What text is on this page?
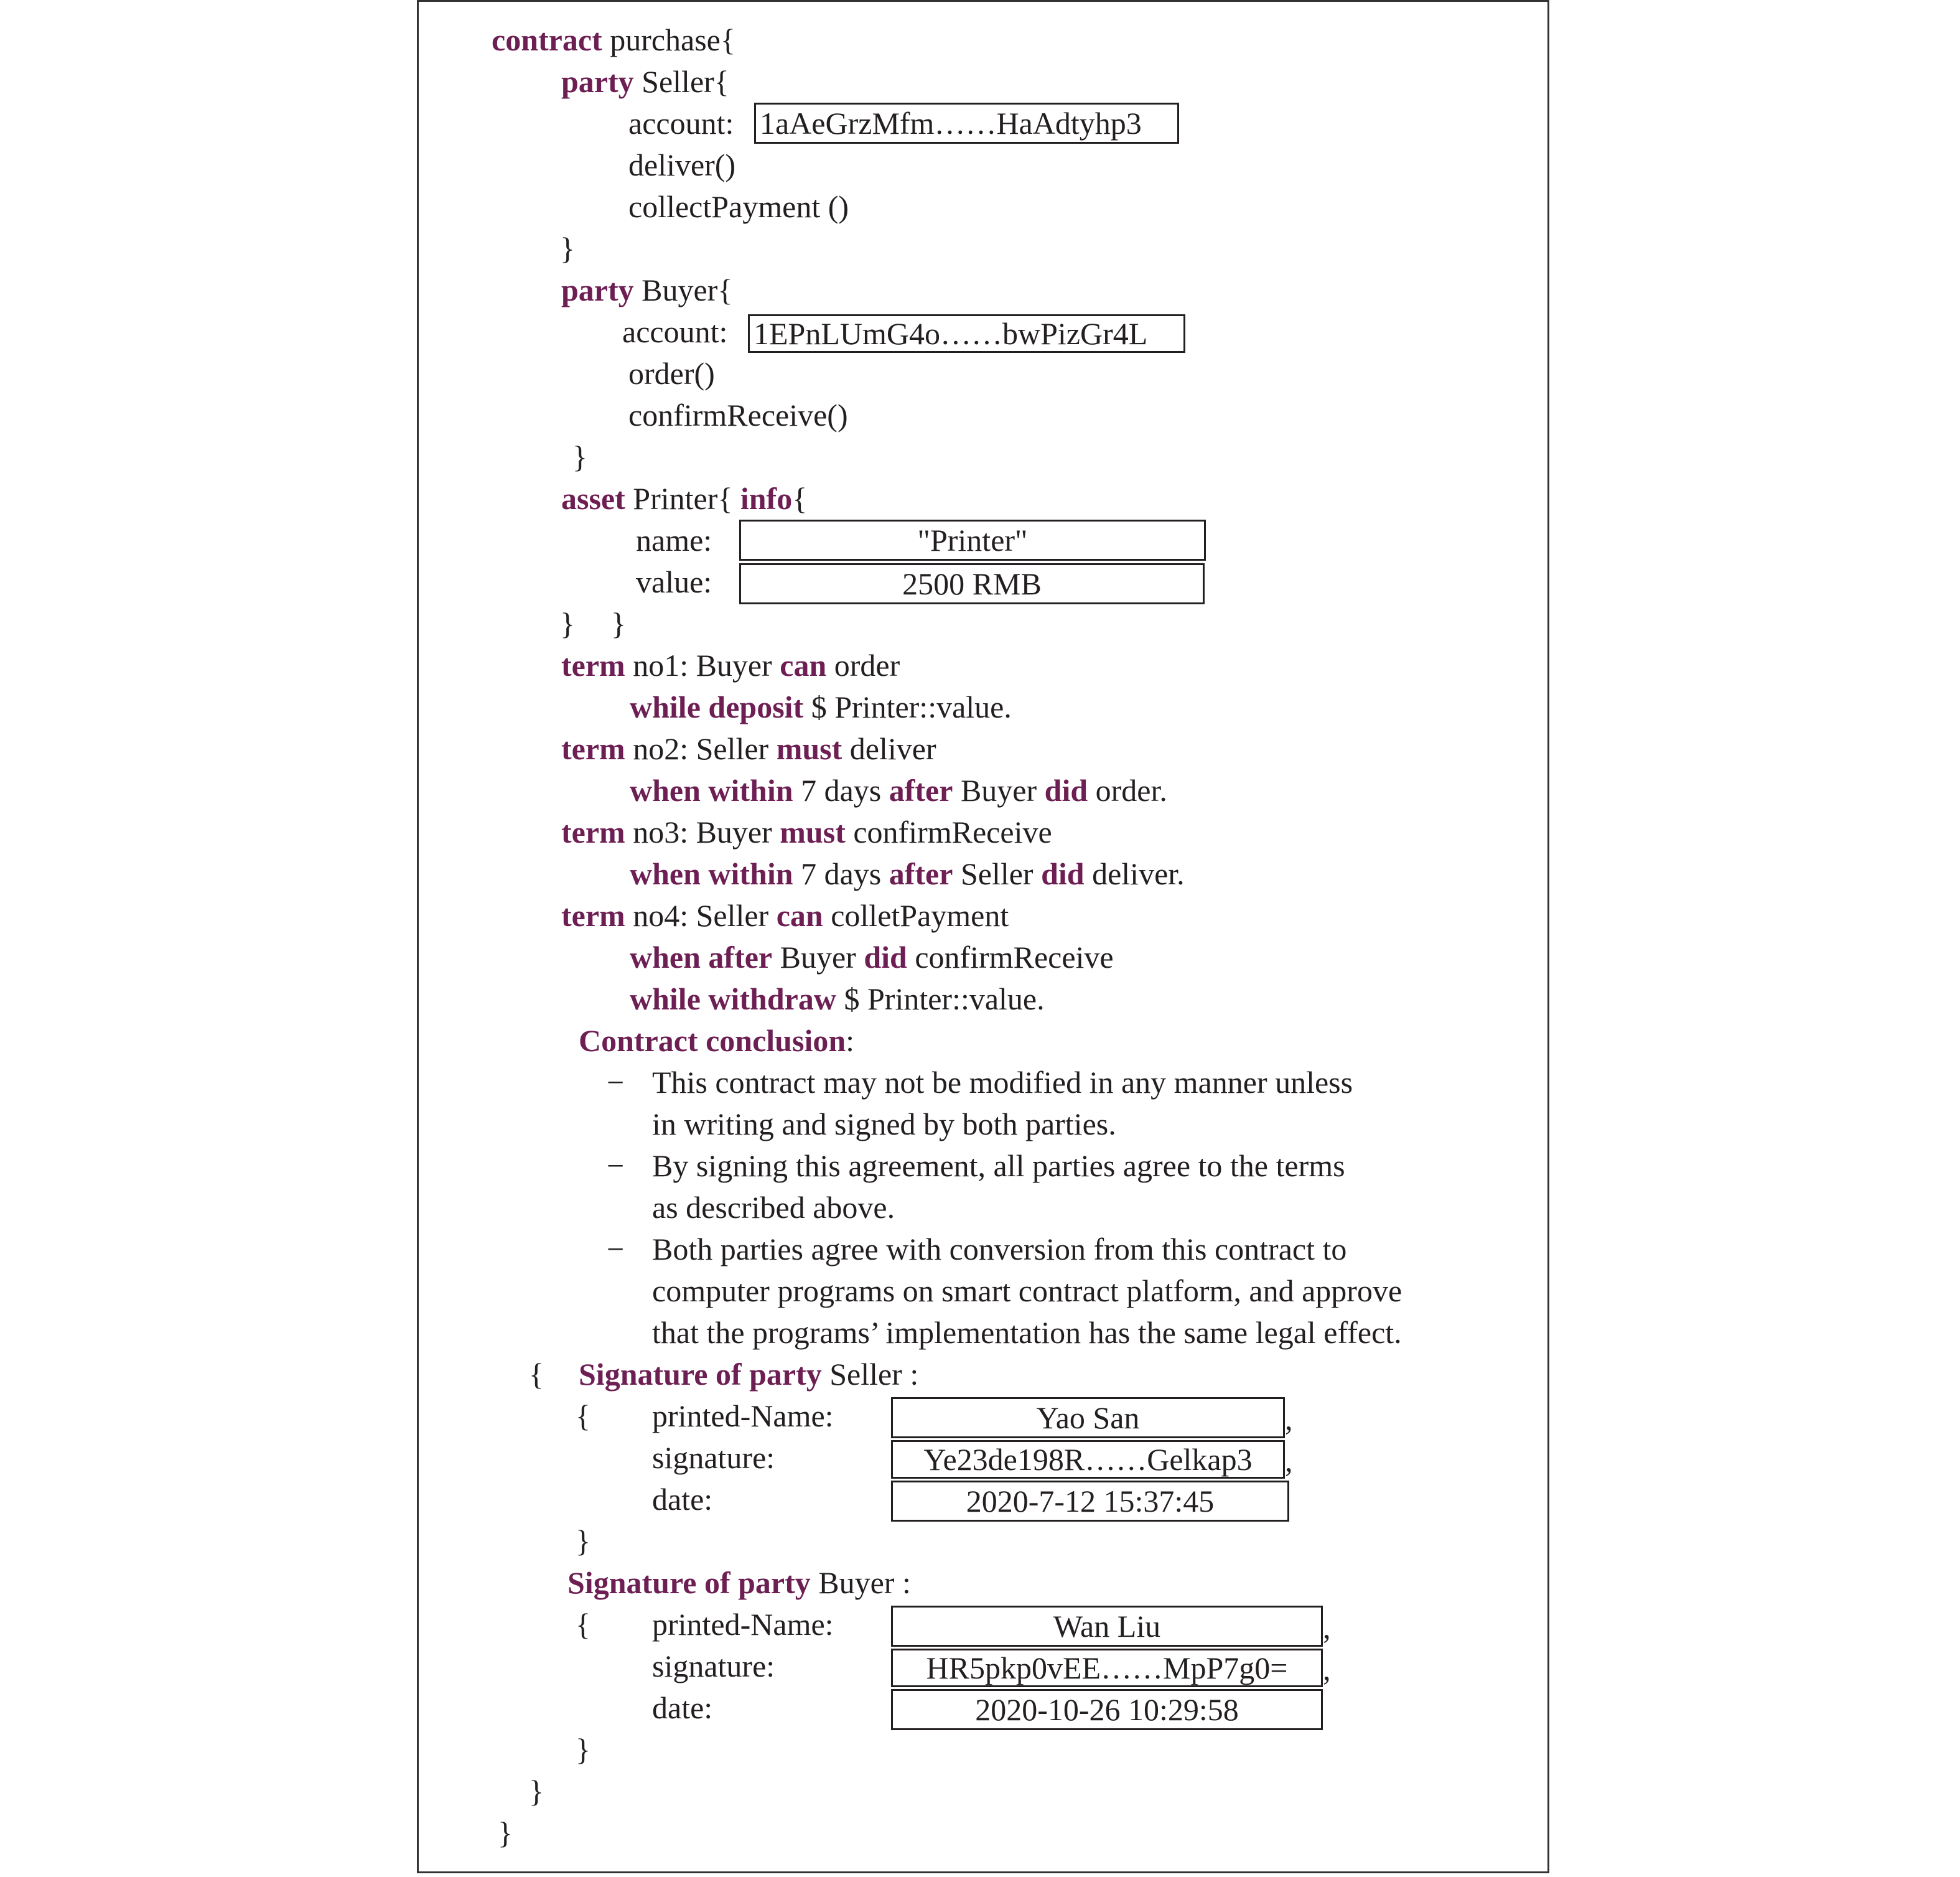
contract purchase{
party Seller{
account: 1aAeGrzMfm……HaAdtyhp3
deliver()
collectPayment ()
}
party Buyer{
account: 1EPnLUmG4o……bwPizGr4L
order()
confirmReceive()
}
asset Printer{ info{
name:	"Printer"
value:	2500 RMB
} }
term no1: Buyer can order
while deposit $ Printer::value.
term no2: Seller must deliver
when within 7 days after Buyer did order.
term no3: Buyer must confirmReceive
when within 7 days after Seller did deliver.
term no4: Seller can colletPayment
when after Buyer did confirmReceive
while withdraw $ Printer::value.
Contract conclusion:
− This contract may not be modified in any manner unless
in writing and signed by both parties.
− By signing this agreement, all parties agree to the terms
as described above.
− Both parties agree with conversion from this contract to
computer programs on smart contract platform, and approve
that the programs’ implementation has the same legal effect.
{ Signature of party Seller :
{ printed-Name:	Yao San	,
signature:	Ye23de198R……Gelkap3	,
date:	2020-7-12 15:37:45
}
Signature of party Buyer :
{ printed-Name:	Wan Liu	,
signature:	HR5pkp0vEE……MpP7g0=	,
date:	2020-10-26 10:29:58
}
}
}
